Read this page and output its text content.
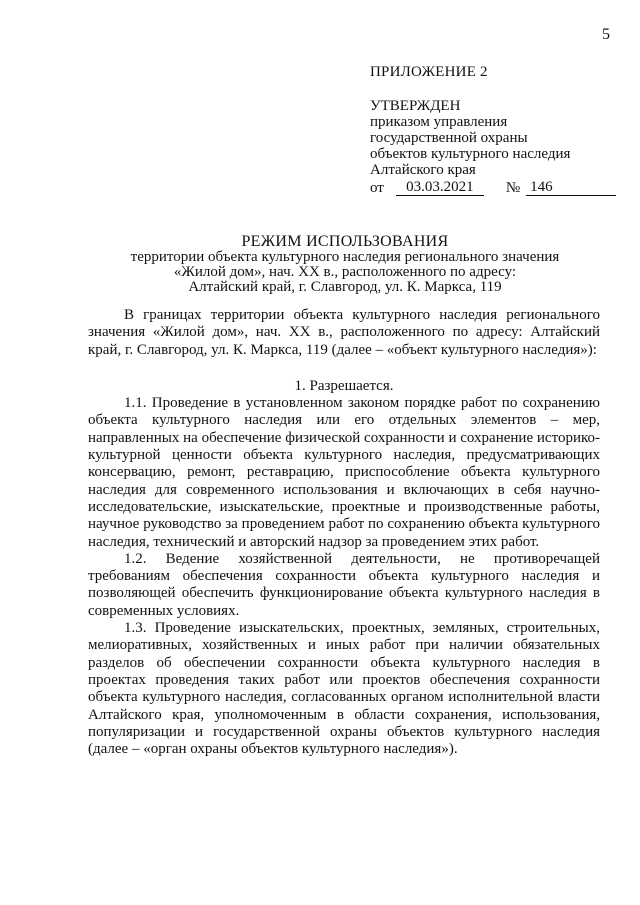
5
ПРИЛОЖЕНИЕ 2
УТВЕРЖДЕН
приказом управления
государственной охраны
объектов культурного наследия
Алтайского края
от	03.03.2021	№ 146
РЕЖИМ ИСПОЛЬЗОВАНИЯ
территории объекта культурного наследия регионального значения
«Жилой дом», нач. XX в., расположенного по адресу:
Алтайский край, г. Славгород, ул. К. Маркса, 119

В границах территории объекта культурного наследия регионального значения «Жилой дом», нач. XX в., расположенного по адресу: Алтайский край, г. Славгород, ул. К. Маркса, 119 (далее – «объект культурного наследия»):

1. Разрешается.

1.1. Проведение в установленном законом порядке работ по сохранению объекта культурного наследия или его отдельных элементов – мер, направленных на обеспечение физической сохранности и сохранение историко-культурной ценности объекта культурного наследия, предусматривающих консервацию, ремонт, реставрацию, приспособление объекта культурного наследия для современного использования и включающих в себя научно-исследовательские, изыскательские, проектные и производственные работы, научное руководство за проведением работ по сохранению объекта культурного наследия, технический и авторский надзор за проведением этих работ.

1.2. Ведение хозяйственной деятельности, не противоречащей требованиям обеспечения сохранности объекта культурного наследия и позволяющей обеспечить функционирование объекта культурного наследия в современных условиях.

1.3. Проведение изыскательских, проектных, земляных, строительных, мелиоративных, хозяйственных и иных работ при наличии обязательных разделов об обеспечении сохранности объекта культурного наследия в проектах проведения таких работ или проектов обеспечения сохранности объекта культурного наследия, согласованных органом исполнительной власти Алтайского края, уполномоченным в области сохранения, использования, популяризации и государственной охраны объектов культурного наследия (далее – «орган охраны объектов культурного наследия»).
